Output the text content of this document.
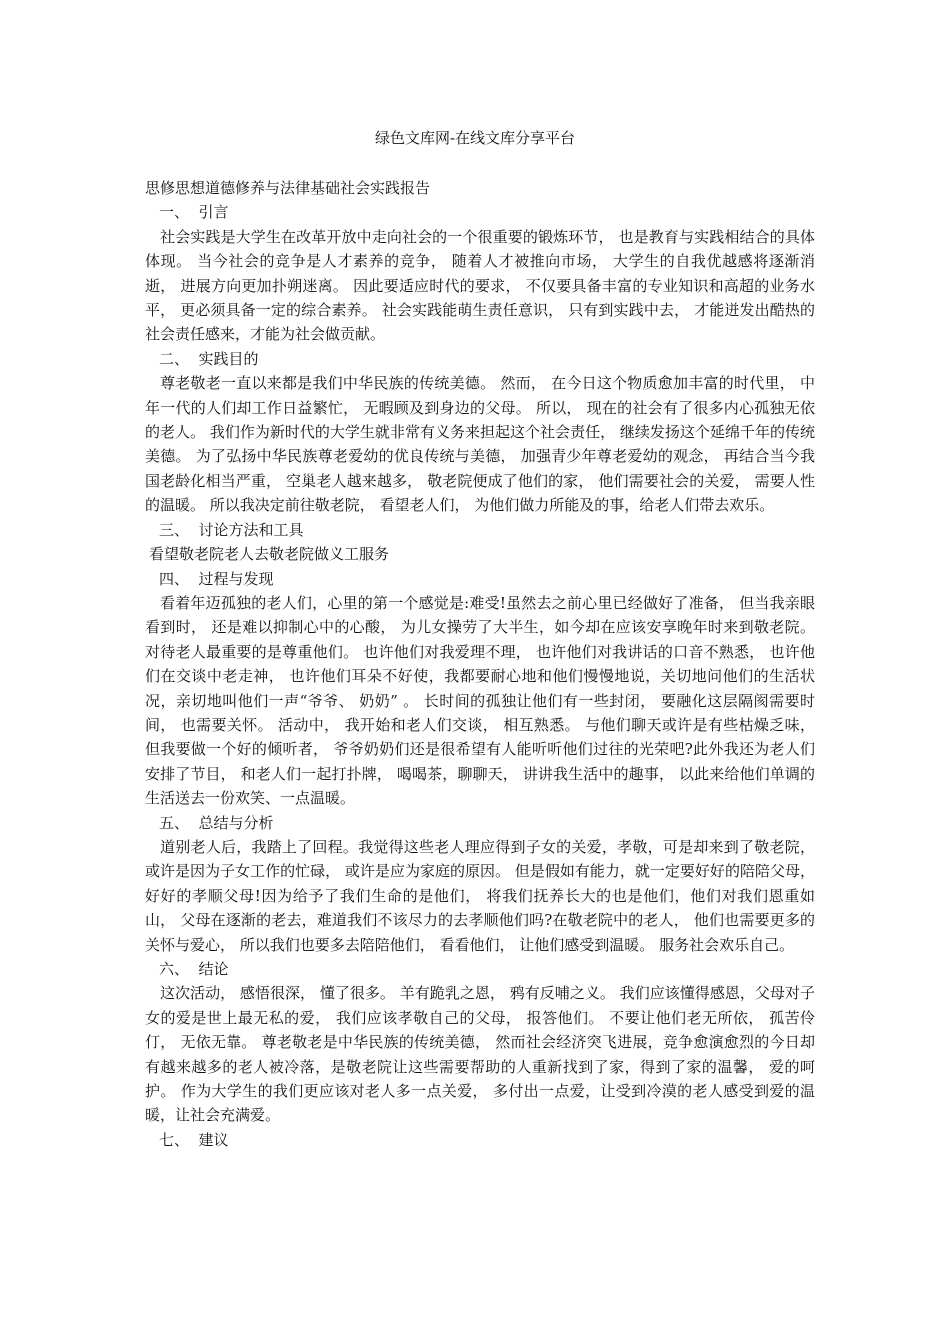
绿色文库网-在线文库分享平台

思修思想道德修养与法律基础社会实践报告

一、  引言

社会实践是大学生在改革开放中走向社会的一个很重要的锻炼环节， 也是教育与实践相结合的具体体现。 当今社会的竞争是人才素养的竞争， 随着人才被推向市场， 大学生的自我优越感将逐渐消逝， 进展方向更加扑朔迷离。 因此要适应时代的要求， 不仅要具备丰富的专业知识和高超的业务水平， 更必须具备一定的综合素养。 社会实践能萌生责任意识， 只有到实践中去， 才能迸发出酷热的社会责任感来，才能为社会做贡献。

二、  实践目的

尊老敬老一直以来都是我们中华民族的传统美德。 然而， 在今日这个物质愈加丰富的时代里， 中年一代的人们却工作日益繁忙， 无暇顾及到身边的父母。 所以， 现在的社会有了很多内心孤独无依的老人。 我们作为新时代的大学生就非常有义务来担起这个社会责任， 继续发扬这个延绵千年的传统美德。 为了弘扬中华民族尊老爱幼的优良传统与美德， 加强青少年尊老爱幼的观念， 再结合当今我国老龄化相当严重， 空巢老人越来越多， 敬老院便成了他们的家， 他们需要社会的关爱， 需要人性的温暖。 所以我决定前往敬老院， 看望老人们， 为他们做力所能及的事，给老人们带去欢乐。

三、  讨论方法和工具

看望敬老院老人去敬老院做义工服务

四、  过程与发现

看着年迈孤独的老人们，心里的第一个感觉是:难受!虽然去之前心里已经做好了准备， 但当我亲眼看到时， 还是难以抑制心中的心酸， 为儿女操劳了大半生，如今却在应该安享晚年时来到敬老院。 对待老人最重要的是尊重他们。 也许他们对我爱理不理， 也许他们对我讲话的口音不熟悉， 也许他们在交谈中老走神， 也许他们耳朵不好使，我都要耐心地和他们慢慢地说，关切地问他们的生活状况，亲切地叫他们一声“爷爷、 奶奶” 。 长时间的孤独让他们有一些封闭， 要融化这层隔阂需要时间， 也需要关怀。 活动中， 我开始和老人们交谈， 相互熟悉。 与他们聊天或许是有些枯燥乏味， 但我要做一个好的倾听者， 爷爷奶奶们还是很希望有人能听听他们过往的光荣吧?此外我还为老人们安排了节目， 和老人们一起打扑牌， 喝喝茶，聊聊天， 讲讲我生活中的趣事， 以此来给他们单调的生活送去一份欢笑、一点温暖。

五、  总结与分析

道别老人后，我踏上了回程。我觉得这些老人理应得到子女的关爱，孝敬，可是却来到了敬老院， 或许是因为子女工作的忙碌， 或许是应为家庭的原因。 但是假如有能力，就一定要好好的陪陪父母，好好的孝顺父母!因为给予了我们生命的是他们， 将我们抚养长大的也是他们，他们对我们恩重如山， 父母在逐渐的老去，难道我们不该尽力的去孝顺他们吗?在敬老院中的老人， 他们也需要更多的关怀与爱心， 所以我们也要多去陪陪他们， 看看他们， 让他们感受到温暖。 服务社会欢乐自己。

六、  结论

这次活动， 感悟很深， 懂了很多。 羊有跪乳之恩， 鸦有反哺之义。 我们应该懂得感恩，父母对子女的爱是世上最无私的爱， 我们应该孝敬自己的父母， 报答他们。 不要让他们老无所依， 孤苦伶仃， 无依无靠。 尊老敬老是中华民族的传统美德， 然而社会经济突飞进展，竞争愈演愈烈的今日却有越来越多的老人被冷落，是敬老院让这些需要帮助的人重新找到了家，得到了家的温馨， 爱的呵护。 作为大学生的我们更应该对老人多一点关爱， 多付出一点爱，让受到冷漠的老人感受到爱的温暖，让社会充满爱。

七、  建议
